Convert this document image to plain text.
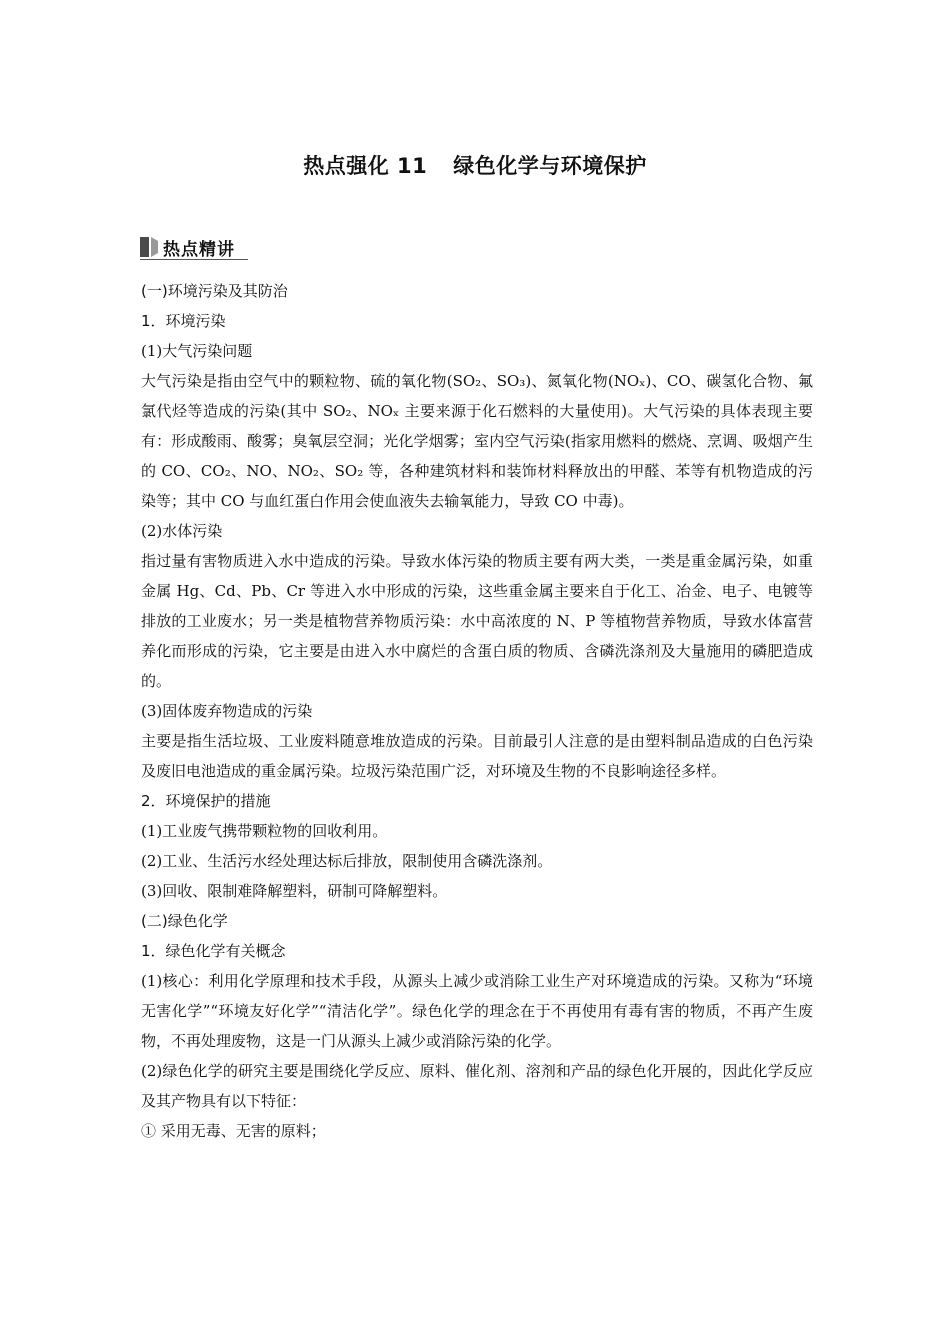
热点强化 11 绿色化学与环境保护
热点精讲

(一)环境污染及其防治

1．环境污染

(1)大气污染问题

大气污染是指由空气中的颗粒物、硫的氧化物(SO₂、SO₃)、氮氧化物(NOₓ)、CO、碳氢化合物、氟氯代烃等造成的污染(其中 SO₂、NOₓ 主要来源于化石燃料的大量使用)。大气污染的具体表现主要有：形成酸雨、酸雾；臭氧层空洞；光化学烟雾；室内空气污染(指家用燃料的燃烧、烹调、吸烟产生的 CO、CO₂、NO、NO₂、SO₂ 等，各种建筑材料和装饰材料释放出的甲醛、苯等有机物造成的污染等；其中 CO 与血红蛋白作用会使血液失去输氧能力，导致 CO 中毒)。

(2)水体污染

指过量有害物质进入水中造成的污染。导致水体污染的物质主要有两大类，一类是重金属污染，如重金属 Hg、Cd、Pb、Cr 等进入水中形成的污染，这些重金属主要来自于化工、冶金、电子、电镀等排放的工业废水；另一类是植物营养物质污染：水中高浓度的 N、P 等植物营养物质，导致水体富营养化而形成的污染，它主要是由进入水中腐烂的含蛋白质的物质、含磷洗涤剂及大量施用的磷肥造成的。

(3)固体废弃物造成的污染

主要是指生活垃圾、工业废料随意堆放造成的污染。目前最引人注意的是由塑料制品造成的白色污染及废旧电池造成的重金属污染。垃圾污染范围广泛，对环境及生物的不良影响途径多样。

2．环境保护的措施

(1)工业废气携带颗粒物的回收利用。

(2)工业、生活污水经处理达标后排放，限制使用含磷洗涤剂。

(3)回收、限制难降解塑料，研制可降解塑料。

(二)绿色化学

1．绿色化学有关概念

(1)核心：利用化学原理和技术手段，从源头上减少或消除工业生产对环境造成的污染。又称为“环境无害化学”“环境友好化学”“清洁化学”。绿色化学的理念在于不再使用有毒有害的物质，不再产生废物，不再处理废物，这是一门从源头上减少或消除污染的化学。

(2)绿色化学的研究主要是围绕化学反应、原料、催化剂、溶剂和产品的绿色化开展的，因此化学反应及其产物具有以下特征：

① 采用无毒、无害的原料；
